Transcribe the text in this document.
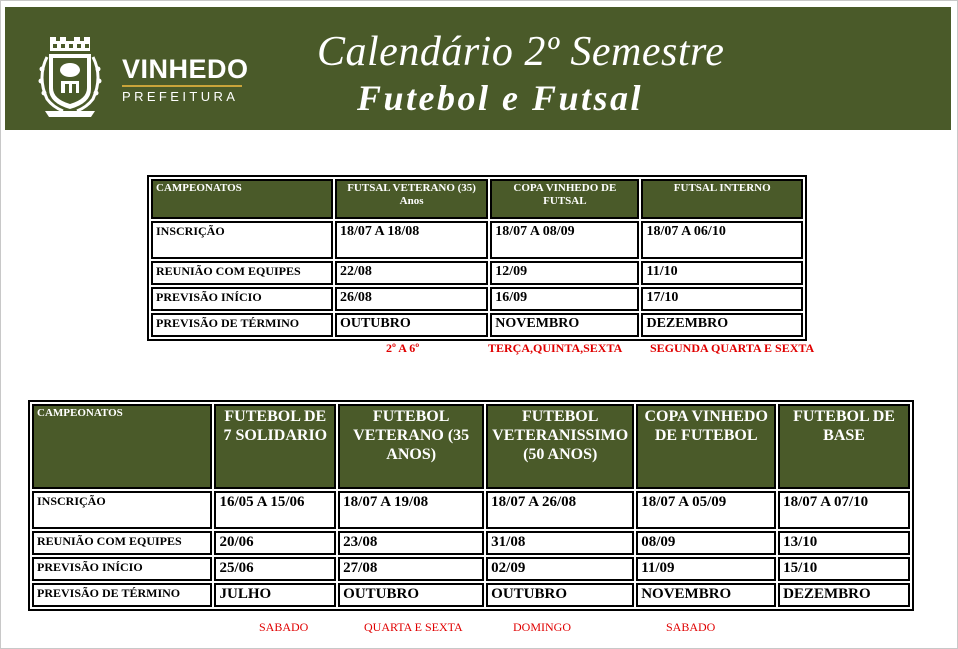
VINHEDO
PREFEITURA
Calendário 2º Semestre
Futebol e Futsal
CAMPEONATOS	FUTSAL VETERANO (35) Anos	COPA VINHEDO DE FUTSAL	FUTSAL INTERNO
INSCRIÇÃO	18/07 A 18/08	18/07 A 08/09	18/07 A 06/10
REUNIÃO COM EQUIPES	22/08	12/09	11/10
PREVISÃO INÍCIO	26/08	16/09	17/10
PREVISÃO DE TÉRMINO	OUTUBRO	NOVEMBRO	DEZEMBRO
2º A 6º	TERÇA,QUINTA,SEXTA SEGUNDA QUARTA E SEXTA
CAMPEONATOS	FUTEBOL DE 7 SOLIDARIO	FUTEBOL VETERANO (35 ANOS)	FUTEBOL VETERANISSIMO (50 ANOS)	COPA VINHEDO DE FUTEBOL	FUTEBOL DE BASE
INSCRIÇÃO	16/05 A 15/06	18/07 A 19/08	18/07 A 26/08	18/07 A 05/09	18/07 A 07/10
REUNIÃO COM EQUIPES	20/06	23/08	31/08	08/09	13/10
PREVISÃO INÍCIO	25/06	27/08	02/09	11/09	15/10
PREVISÃO DE TÉRMINO	JULHO	OUTUBRO	OUTUBRO	NOVEMBRO	DEZEMBRO
SABADO	QUARTA E SEXTA	DOMINGO	SABADO
